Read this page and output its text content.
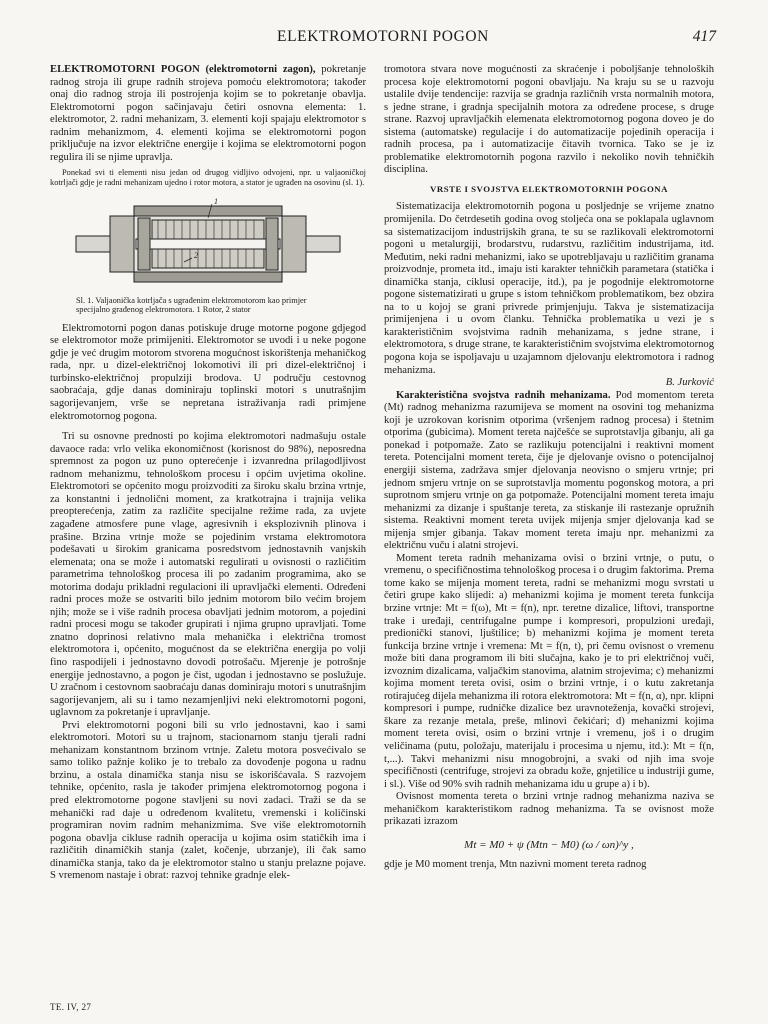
ELEKTROMOTORNI POGON	417

ELEKTROMOTORNI POGON (elektromotorni zagon), pokretanje radnog stroja ili grupe radnih strojeva pomoću elektromotora; također onaj dio radnog stroja ili postrojenja kojim se to pokretanje obavlja. Elektromotorni pogon sačinjavaju četiri osnovna elementa: 1. elektromotor, 2. radni mehanizam, 3. elementi koji spajaju elektromotor s radnim mehanizmom, 4. elementi kojima se elektromotorni pogon priključuje na izvor električne energije i kojima se elektromotorni pogon regulira ili se njime upravlja.

Ponekad svi ti elementi nisu jedan od drugog vidljivo odvojeni, npr. u valjaoničkoj kotrljači gdje je radni mehanizam ujedno i rotor motora, a stator je ugrađen na osovinu (sl. 1).

1
2
Sl. 1. Valjaonička kotrljača s ugrađenim elektromotorom kao primjer specijalno građenog elektromotora. 1 Rotor, 2 stator

Elektromotorni pogon danas potiskuje druge motorne pogone gdjegod se elektromotor može primijeniti. Elektromotor se uvodi i u neke pogone gdje je već drugim motorom stvorena mogućnost iskorištenja mehaničkog rada, npr. u dizel-električnoj lokomotivi ili pri dizel-električnoj i turbinsko-električnoj propulziji brodova. U području cestovnog saobraćaja, gdje danas dominiraju toplinski motori s unutrašnjim sagorijevanjem, vrše se nepretana istraživanja radi primjene elektromotornog pogona.

Tri su osnovne prednosti po kojima elektromotori nadmašuju ostale davaoce rada: vrlo velika ekonomičnost (korisnost do 98%), neposredna spremnost za pogon uz puno opterećenje i izvanredna prilagodljivost radnom mehanizmu, tehnološkom procesu i općim uvjetima okoline. Elektromotori se općenito mogu proizvoditi za široku skalu brzina vrtnje, za konstantni i jednolični moment, za kratkotrajna i trajnija velika preopterećenja, zatim za različite specijalne režime rada, za uvjete zagađene atmosfere pune vlage, agresivnih i eksplozivnih plinova i prašine. Brzina vrtnje može se pojedinim vrstama elektromotora podešavati u širokim granicama posredstvom jednostavnih vanjskih elemenata; ona se može i automatski regulirati u ovisnosti o različitim parametrima tehnološkog procesa ili po zadanim programima, ako se motorima dodaju prikladni regulacioni ili upravljački elementi. Određeni radni proces može se ostvariti bilo jednim motorom bilo većim brojem njih; može se i više radnih procesa obavljati jednim motorom, a pojedini radni procesi mogu se također grupirati i njima grupno upravljati. Tome znatno doprinosi relativno mala mehanička i električna tromost elektromotora i, općenito, mogućnost da se električna energija po volji fino raspodijeli i jednostavno dovodi potrošaču. Mjerenje je potrošnje energije jednostavno, a pogon je čist, ugodan i jednostavno se poslužuje. U zračnom i cestovnom saobraćaju danas dominiraju motori s unutrašnjim sagorijevanjem, ali su i tamo nezamjenljivi neki elektromotorni pogoni, uglavnom za pokretanje i upravljanje.

Prvi elektromotorni pogoni bili su vrlo jednostavni, kao i sami elektromotori. Motori su u trajnom, stacionarnom stanju tjerali radni mehanizam konstantnom brzinom vrtnje. Zaletu motora posvećivalo se samo toliko pažnje koliko je to trebalo za dovođenje pogona u radnu brzinu, a ostala dinamička stanja nisu se iskorišćavala. S razvojem tehnike, općenito, rasla je također primjena elektromotornog pogona i pred elektromotorne pogone stavljeni su novi zadaci. Traži se da se mehanički rad daje u određenom kvalitetu, vremenski i količinski programiran novim radnim mehanizmima. Sve više elektromotornih pogona obavlja cikluse radnih operacija u kojima osim statičkih ima i različitih dinamičkih stanja (zalet, kočenje, ubrzanje), ili čak samo dinamička stanja, tako da je elektromotor stalno u stanju prelazne pojave. S vremenom nastaje i obrat: razvoj tehnike gradnje elek-

tromotora stvara nove mogućnosti za skraćenje i poboljšanje tehnoloških procesa koje elektromotorni pogoni obavljaju. Na kraju su se u razvoju ustalile dvije tendencije: razvija se gradnja različnih vrsta normalnih motora, s jedne strane, i gradnja specijalnih motora za određene procese, s druge strane. Razvoj upravljačkih elemenata elektromotornog pogona doveo je do sistema (automatske) regulacije i do automatizacije pojedinih operacija i radnih procesa, pa i automatizacije čitavih tvornica. Tako se je iz problematike elektromotornih pogona razvilo i nekoliko novih tehničkih disciplina.

VRSTE I SVOJSTVA ELEKTROMOTORNIH POGONA

Sistematizacija elektromotornih pogona u posljednje se vrijeme znatno promijenila. Do četrdesetih godina ovog stoljeća ona se poklapala uglavnom sa sistematizacijom industrijskih grana, te su se razlikovali elektromotorni pogoni u metalurgiji, brodarstvu, rudarstvu, različitim industrijama, itd. Međutim, neki radni mehanizmi, iako se upotrebljavaju u različitim granama proizvodnje, prometa itd., imaju isti karakter tehničkih parametara (statička i dinamička stanja, ciklusi operacije, itd.), pa je pogodnije elektromotorne pogone sistematizirati u grupe s istom tehničkom problematikom, bez obzira na to u kojoj se grani privrede primjenjuju. Takva je sistematizacija primijenjena i u ovom članku. Tehnička problematika u vezi je s karakterističnim svojstvima radnih mehanizama, s jedne strane, i elektromotora, s druge strane, te karakterističnim svojstvima elektromotornog pogona koja se ispoljavaju u uzajamnom djelovanju elektromotora i radnog mehanizma.

B. Jurković

Karakteristična svojstva radnih mehanizama. Pod momentom tereta (Mt) radnog mehanizma razumijeva se moment na osovini tog mehanizma koji je uzrokovan korisnim otporima (vršenjem radnog procesa) i štetnim otporima (gubicima). Moment tereta najčešće se suprotstavlja gibanju, ali ga ponekad i potpomaže. Zato se razlikuju potencijalni i reaktivni moment tereta. Potencijalni moment tereta, čije je djelovanje ovisno o potencijalnoj energiji sistema, zadržava smjer djelovanja neovisno o smjeru vrtnje; pri jednom smjeru vrtnje on se suprotstavlja momentu pogonskog motora, a pri suprotnom smjeru vrtnje on ga potpomaže. Potencijalni moment tereta imaju mehanizmi za dizanje i spuštanje tereta, za stiskanje ili rastezanje opružnih sistema. Reaktivni moment tereta uvijek mijenja smjer djelovanja kad se mijenja smjer gibanja. Takav moment tereta imaju npr. mehanizmi za električnu vuču i alatni strojevi.

Moment tereta radnih mehanizama ovisi o brzini vrtnje, o putu, o vremenu, o specifičnostima tehnološkog procesa i o drugim faktorima. Prema tome kako se mijenja moment tereta, radni se mehanizmi mogu svrstati u četiri grupe kako slijedi: a) mehanizmi kojima je moment tereta funkcija brzine vrtnje: Mt = f(ω), Mt = f(n), npr. teretne dizalice, liftovi, transportne trake i uređaji, centrifugalne pumpe i kompresori, propulzioni uređaji, predionički stanovi, ljuštilice; b) mehanizmi kojima je moment tereta funkcija brzine vrtnje i vremena: Mt = f(n, t), pri čemu ovisnost o vremenu može biti dana programom ili biti slučajna, kako je to pri električnoj vuči, izvoznim dizalicama, valjačkim stanovima, alatnim strojevima; c) mehanizmi kojima moment tereta ovisi, osim o brzini vrtnje, i o kutu zakretanja rotirajućeg dijela mehanizma ili rotora elektromotora: Mt = f(n, α), npr. klipni kompresori i pumpe, rudničke dizalice bez uravnoteženja, kovački strojevi, škare za rezanje metala, preše, mlinovi čekićari; d) mehanizmi kojima moment tereta ovisi, osim o brzini vrtnje i vremenu, još i o drugim veličinama (putu, položaju, materijalu i procesima u njemu, itd.): Mt = f(n, t,...). Takvi mehanizmi nisu mnogobrojni, a svaki od njih ima svoje specifičnosti (centrifuge, strojevi za obradu kože, gnjetilice u industriji gume, i sl.). Više od 90% svih radnih mehanizama idu u grupe a) i b).

Ovisnost momenta tereta o brzini vrtnje radnog mehanizma naziva se mehaničkom karakteristikom radnog mehanizma. Ta se ovisnost može prikazati izrazom

Mt = M0 + ψ (Mtn − M0) (ω / ωn)^y ,

gdje je M0 moment trenja, Mtn nazivni moment tereta radnog

TE. IV, 27
